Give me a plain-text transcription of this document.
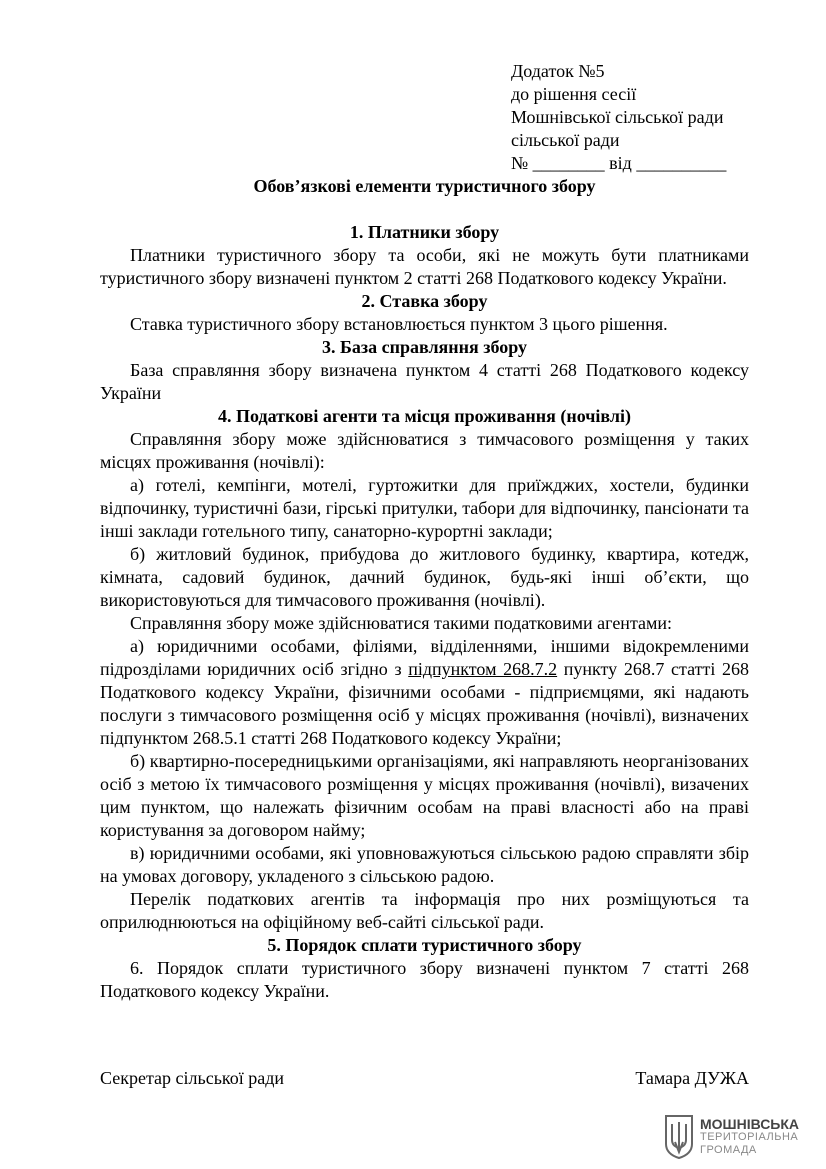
Додаток №5
до рішення сесії
Мошнівської сільської ради
сільської ради
№ ________ від __________
Обов’язкові елементи туристичного збору
1. Платники збору

Платники туристичного збору та особи, які не можуть бути платниками туристичного збору визначені пунктом 2 статті 268 Податкового кодексу України.

2. Ставка збору

Ставка туристичного збору встановлюється пунктом 3 цього рішення.

3. База справляння збору

База справляння збору визначена пунктом 4 статті 268 Податкового кодексу України

4. Податкові агенти та місця проживання (ночівлі)

Справляння збору може здійснюватися з тимчасового розміщення у таких місцях проживання (ночівлі):

а) готелі, кемпінги, мотелі, гуртожитки для приїжджих, хостели, будинки відпочинку, туристичні бази, гірські притулки, табори для відпочинку, пансіонати та інші заклади готельного типу, санаторно-курортні заклади;

б) житловий будинок, прибудова до житлового будинку, квартира, котедж, кімната, садовий будинок, дачний будинок, будь-які інші об’єкти, що використовуються для тимчасового проживання (ночівлі).

Справляння збору може здійснюватися такими податковими агентами:

а) юридичними особами, філіями, відділеннями, іншими відокремленими підрозділами юридичних осіб згідно з підпунктом 268.7.2 пункту 268.7 статті 268 Податкового кодексу України, фізичними особами - підприємцями, які надають послуги з тимчасового розміщення осіб у місцях проживання (ночівлі), визначених підпунктом 268.5.1 статті 268 Податкового кодексу України;

б) квартирно-посередницькими організаціями, які направляють неорганізованих осіб з метою їх тимчасового розміщення у місцях проживання (ночівлі), визачених цим пунктом, що належать фізичним особам на праві власності або на праві користування за договором найму;

в) юридичними особами, які уповноважуються сільською радою справляти збір на умовах договору, укладеного з сільською радою.

Перелік податкових агентів та інформація про них розміщуються та оприлюднюються на офіційному веб-сайті сільської ради.

5. Порядок сплати туристичного збору

6. Порядок сплати туристичного збору визначені пунктом 7 статті 268 Податкового кодексу України.

Секретар сільської ради	Тамара ДУЖА
МОШНІВСЬКА
ТЕРИТОРІАЛЬНА
ГРОМАДА
